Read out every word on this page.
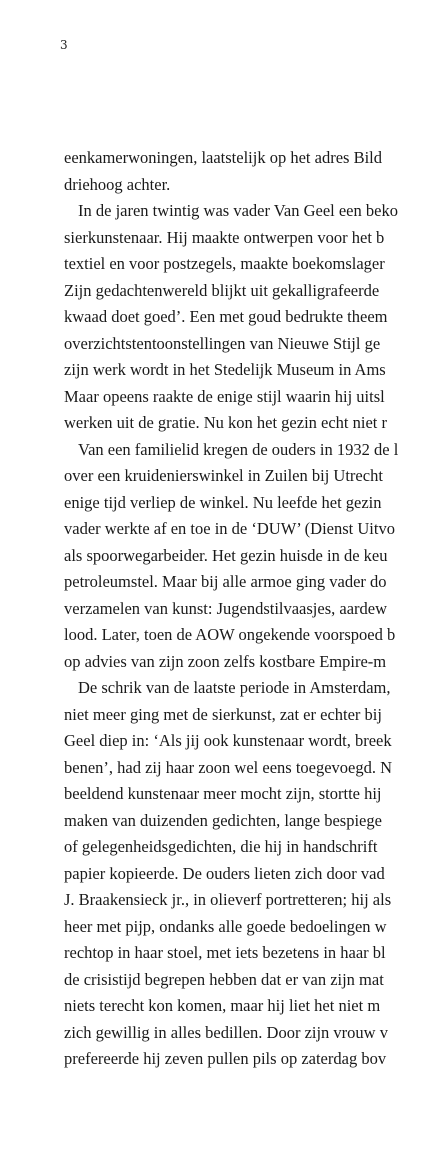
3
eenkamerwoningen, laatstelijk op het adres Bild
driehoog achter.
In de jaren twintig was vader Van Geel een beko
sierkunstenaar. Hij maakte ontwerpen voor het b
textiel en voor postzegels, maakte boekomslager
Zijn gedachtenwereld blijkt uit gekalligrafeerde
kwaad doet goed’. Een met goud bedrukte theem
overzichtstentoonstellingen van Nieuwe Stijl ge
zijn werk wordt in het Stedelijk Museum in Ams
Maar opeens raakte de enige stijl waarin hij uitsl
werken uit de gratie. Nu kon het gezin echt niet r
Van een familielid kregen de ouders in 1932 de l
over een kruidenierswinkel in Zuilen bij Utrecht
enige tijd verliep de winkel. Nu leefde het gezin
vader werkte af en toe in de ‘DUW’ (Dienst Uitvo
als spoorwegarbeider. Het gezin huisde in de keu
petroleumstel. Maar bij alle armoe ging vader do
verzamelen van kunst: Jugendstilvaasjes, aardew
lood. Later, toen de AOW ongekende voorspoed b
op advies van zijn zoon zelfs kostbare Empire-m
De schrik van de laatste periode in Amsterdam,
niet meer ging met de sierkunst, zat er echter bij
Geel diep in: ‘Als jij ook kunstenaar wordt, breek
benen’, had zij haar zoon wel eens toegevoegd. N
beeldend kunstenaar meer mocht zijn, stortte hij
maken van duizenden gedichten, lange bespiege
of gelegenheidsgedichten, die hij in handschrift
papier kopieerde. De ouders lieten zich door vad
J. Braakensieck jr., in olieverf portretteren; hij als
heer met pijp, ondanks alle goede bedoelingen w
rechtop in haar stoel, met iets bezetens in haar bl
de crisistijd begrepen hebben dat er van zijn mat
niets terecht kon komen, maar hij liet het niet m
zich gewillig in alles bedillen. Door zijn vrouw v
prefereerde hij zeven pullen pils op zaterdag bov
